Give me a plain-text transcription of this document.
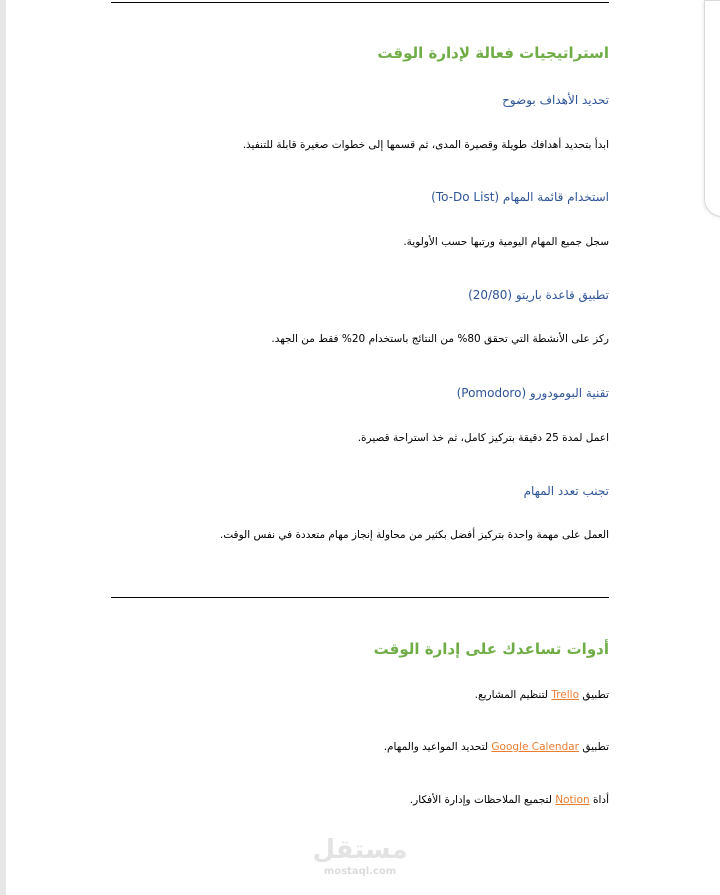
استراتيجيات فعالة لإدارة الوقت
تحديد الأهداف بوضوح
ابدأ بتحديد أهدافك طويلة وقصيرة المدى، ثم قسمها إلى خطوات صغيرة قابلة للتنفيذ.
استخدام قائمة المهام (To-Do List)
سجل جميع المهام اليومية ورتبها حسب الأولوية.
تطبيق قاعدة باريتو (20/80)
ركز على الأنشطة التي تحقق 80% من النتائج باستخدام 20% فقط من الجهد.
تقنية البومودورو (Pomodoro)
اعمل لمدة 25 دقيقة بتركيز كامل، ثم خذ استراحة قصيرة.
تجنب تعدد المهام
العمل على مهمة واحدة بتركيز أفضل بكثير من محاولة إنجاز مهام متعددة في نفس الوقت.
أدوات تساعدك على إدارة الوقت
تطبيق Trello لتنظيم المشاريع.
تطبيق Google Calendar لتحديد المواعيد والمهام.
أداة Notion لتجميع الملاحظات وإدارة الأفكار.
مستقل
mostaql.com
